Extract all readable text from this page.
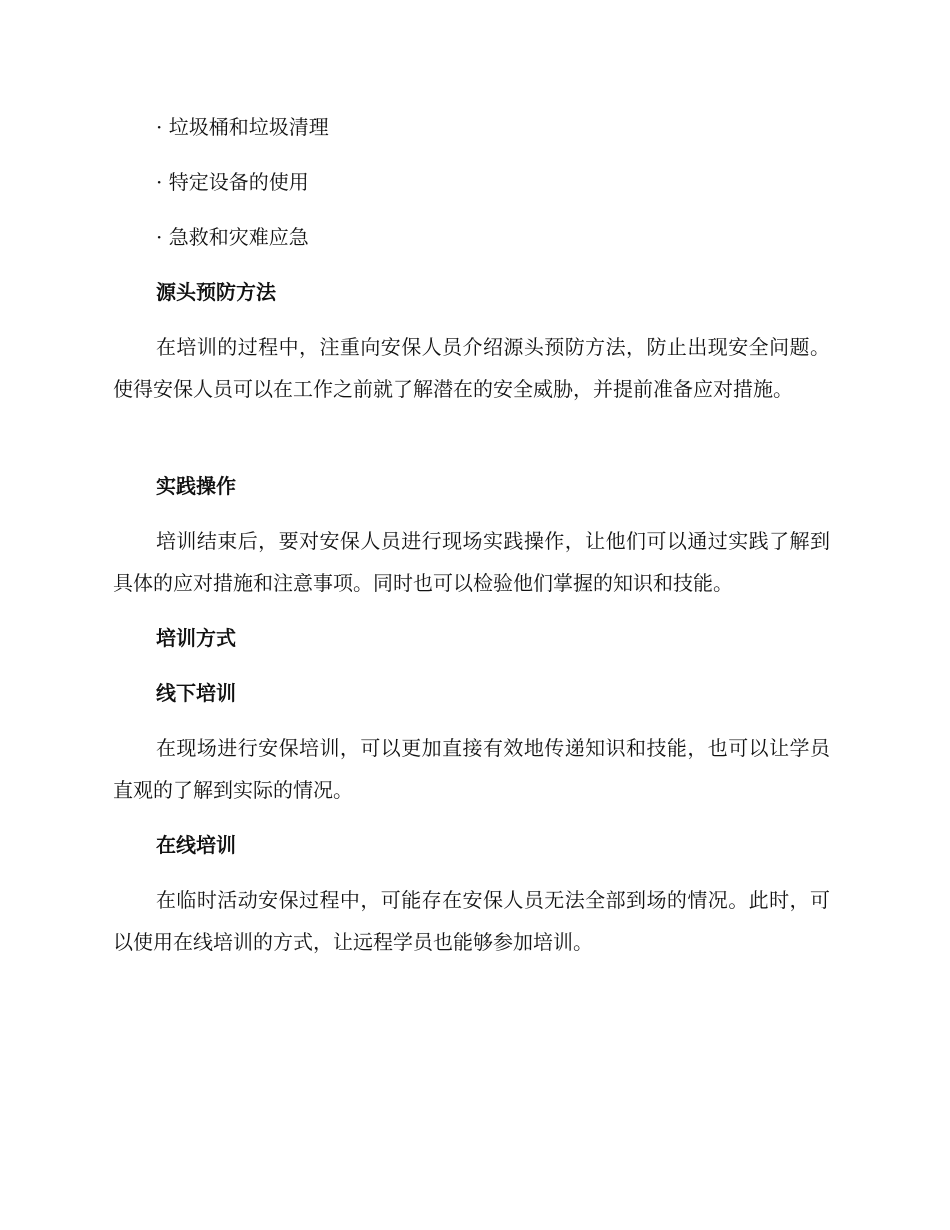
· 垃圾桶和垃圾清理

· 特定设备的使用

· 急救和灾难应急

源头预防方法

在培训的过程中，注重向安保人员介绍源头预防方法，防止出现安全问题。使得安保人员可以在工作之前就了解潜在的安全威胁，并提前准备应对措施。

实践操作

培训结束后，要对安保人员进行现场实践操作，让他们可以通过实践了解到具体的应对措施和注意事项。同时也可以检验他们掌握的知识和技能。

培训方式

线下培训

在现场进行安保培训，可以更加直接有效地传递知识和技能，也可以让学员直观的了解到实际的情况。

在线培训

在临时活动安保过程中，可能存在安保人员无法全部到场的情况。此时，可以使用在线培训的方式，让远程学员也能够参加培训。
